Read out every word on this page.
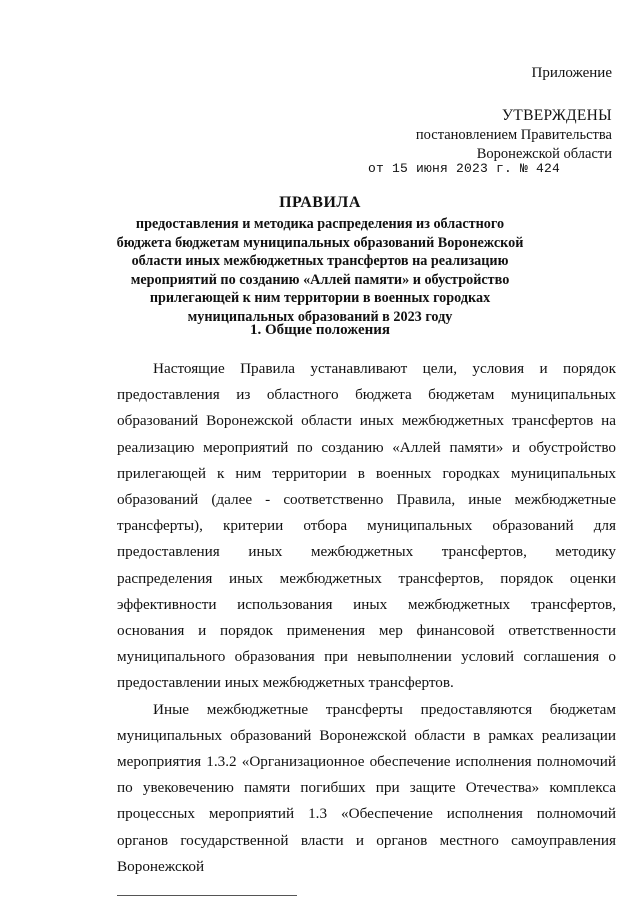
Приложение
УТВЕРЖДЕНЫ
постановлением Правительства
Воронежской области
от 15 июня 2023 г. № 424
ПРАВИЛА
предоставления и методика распределения из областного бюджета бюджетам муниципальных образований Воронежской области иных межбюджетных трансфертов на реализацию мероприятий по созданию «Аллей памяти» и обустройство прилегающей к ним территории в военных городках муниципальных образований в 2023 году
1. Общие положения

Настоящие Правила устанавливают цели, условия и порядок предоставления из областного бюджета бюджетам муниципальных образований Воронежской области иных межбюджетных трансфертов на реализацию мероприятий по созданию «Аллей памяти» и обустройство прилегающей к ним территории в военных городках муниципальных образований (далее - соответственно Правила, иные межбюджетные трансферты), критерии отбора муниципальных образований для предоставления иных межбюджетных трансфертов, методику распределения иных межбюджетных трансфертов, порядок оценки эффективности использования иных межбюджетных трансфертов, основания и порядок применения мер финансовой ответственности муниципального образования при невыполнении условий соглашения о предоставлении иных межбюджетных трансфертов.

Иные межбюджетные трансферты предоставляются бюджетам муниципальных образований Воронежской области в рамках реализации мероприятия 1.3.2 «Организационное обеспечение исполнения полномочий по увековечению памяти погибших при защите Отечества» комплекса процессных мероприятий 1.3 «Обеспечение исполнения полномочий органов государственной власти и органов местного самоуправления Воронежской
